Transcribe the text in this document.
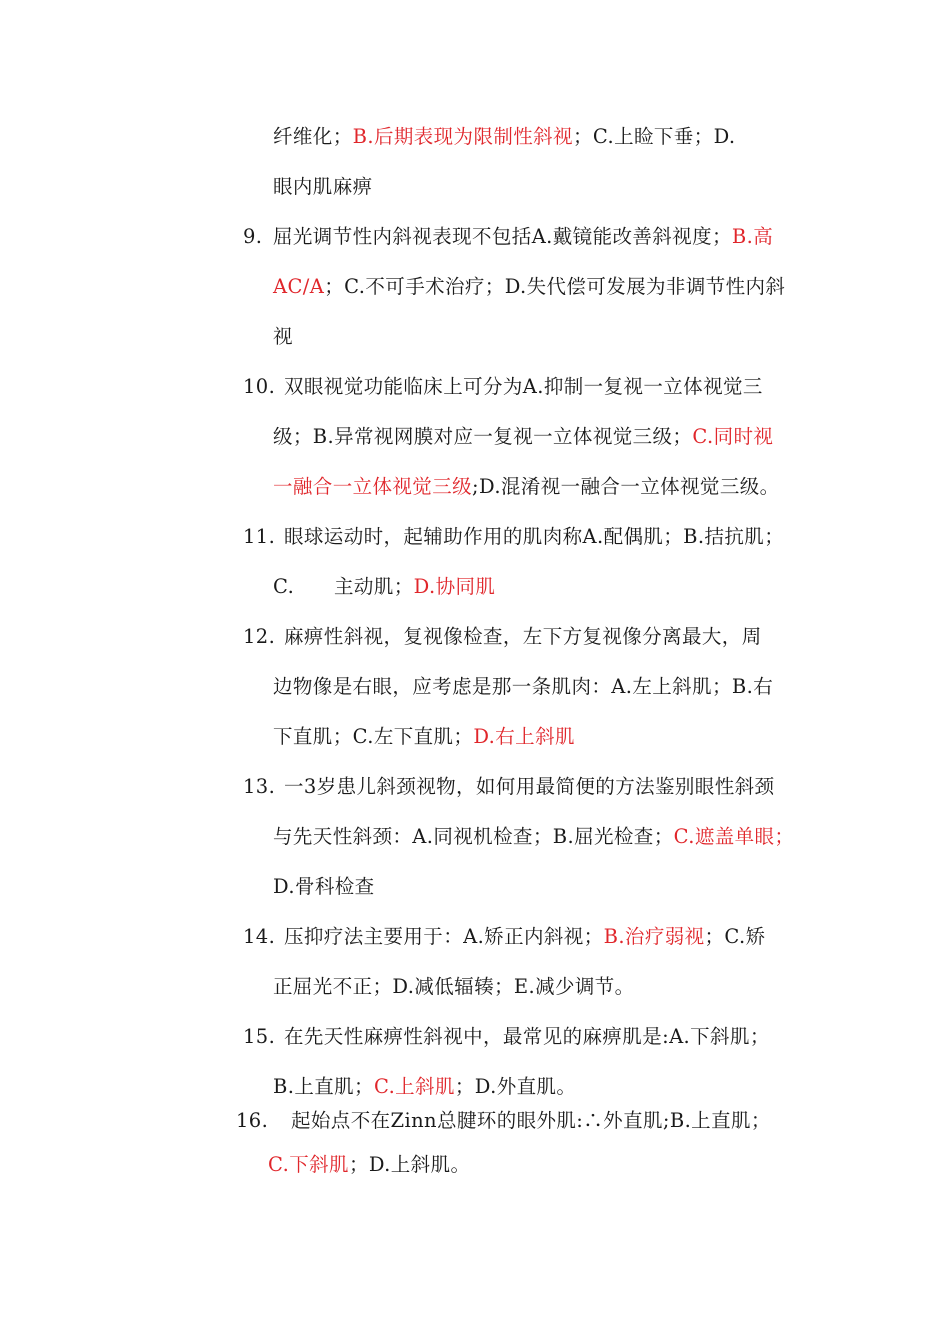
纤维化；B.后期表现为限制性斜视；C.上睑下垂；D.
眼内肌麻痹
9. 屈光调节性内斜视表现不包括A.戴镜能改善斜视度；B.高
AC/A；C.不可手术治疗；D.失代偿可发展为非调节性内斜
视
10. 双眼视觉功能临床上可分为A.抑制一复视一立体视觉三
级；B.异常视网膜对应一复视一立体视觉三级；C.同时视
一融合一立体视觉三级;D.混淆视一融合一立体视觉三级。
11. 眼球运动时，起辅助作用的肌肉称A.配偶肌；B.拮抗肌；
C.　　主动肌；D.协同肌
12. 麻痹性斜视，复视像检查，左下方复视像分离最大，周
边物像是右眼，应考虑是那一条肌肉：A.左上斜肌；B.右
下直肌；C.左下直肌；D.右上斜肌
13. 一3岁患儿斜颈视物，如何用最简便的方法鉴别眼性斜颈
与先天性斜颈：A.同视机检查；B.屈光检查；C.遮盖单眼；
D.骨科检查
14. 压抑疗法主要用于：A.矫正内斜视；B.治疗弱视；C.矫
正屈光不正；D.减低辐辏；E.减少调节。
15. 在先天性麻痹性斜视中，最常见的麻痹肌是:A.下斜肌；
B.上直肌；C.上斜肌；D.外直肌。
16. 起始点不在Zinn总腱环的眼外肌:∴外直肌;B.上直肌；
C.下斜肌；D.上斜肌。
